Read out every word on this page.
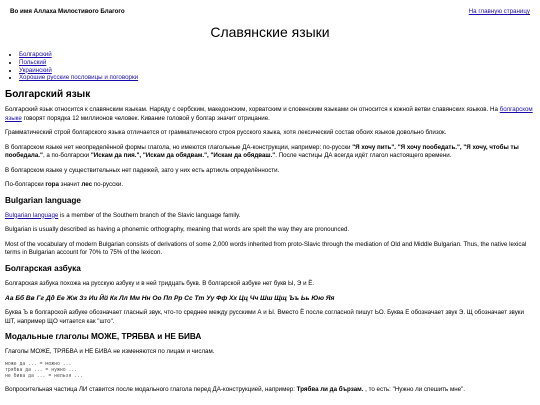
Во имя Аллаха Милостивого Благого	На главную страницу
Славянские языки
• Болгарский
• Польский
• Украинский
• Хорошие русские пословицы и поговорки
Болгарский язык

Болгарский язык относится к славянским языкам. Наряду с сербским, македонским, хорватским и словенским языками он относится к южной ветви славянских языков. На болгарском языке говорят порядка 12 миллионов человек. Кивание головой у болгар значит отрицание.

Грамматический строй болгарского языка отличается от грамматического строя русского языка, хотя лексический состав обоих языков довольно близок.

В болгарском языке нет неопределённой формы глагола, но имеются глагольные ДА-конструкции, например: по-русски "Я хочу пить". "Я хочу пообедать.", "Я хочу, чтобы ты пообедала.", а по-болгарски "Искам да пия.", "Искам да обядвам.", "Искам да обядваш.". После частицы ДА всегда идёт глагол настоящего времени.

В болгарском языке у существительных нет падежей, зато у них есть артикль определённости.

По-болгарски гора значит лес по-русски.

Bulgarian language

Bulgarian language is a member of the Southern branch of the Slavic language family.

Bulgarian is usually described as having a phonemic orthography, meaning that words are spelt the way they are pronounced.

Most of the vocabulary of modern Bulgarian consists of derivations of some 2,000 words inherited from proto-Slavic through the mediation of Old and Middle Bulgarian. Thus, the native lexical terms in Bulgarian account for 70% to 75% of the lexicon.

Болгарская азбука

Болгарская азбука похожа на русскую азбуку и в ней тридцать букв. В болгарской азбуке нет букв Ы, Э и Ё.

Аа Бб Вв Гг Дд Ее Жж Зз Ии Йй Кк Лл Мм Нн Оо Пп Рр Сс Тт Уу Фф Хх Цц Чч Шш Щщ Ъъ Ьь Юю Яя

Буква Ъ в болгарской азбуке обозначает гласный звук, что-то среднее между русскими А и Ы. Вместо Ё после согласной пишут ЬО. Буква Е обозначает звук Э. Щ обозначает звуки ШТ, например ЩО читается как "што".

Модальные глаголы МОЖЕ, ТРЯБВА и НЕ БИВА

Глаголы МОЖЕ, ТРЯБВА и НЕ БИВА не изменяются по лицам и числам.

може да ... = можно ...
трябва да ... = нужно ...
не бива да ... = нельзя ...

Вопросительная частица ЛИ ставится после модального глагола перед ДА-конструкцией, например: Трябва ли да бързам. , то есть: "Нужно ли спешить мне".
